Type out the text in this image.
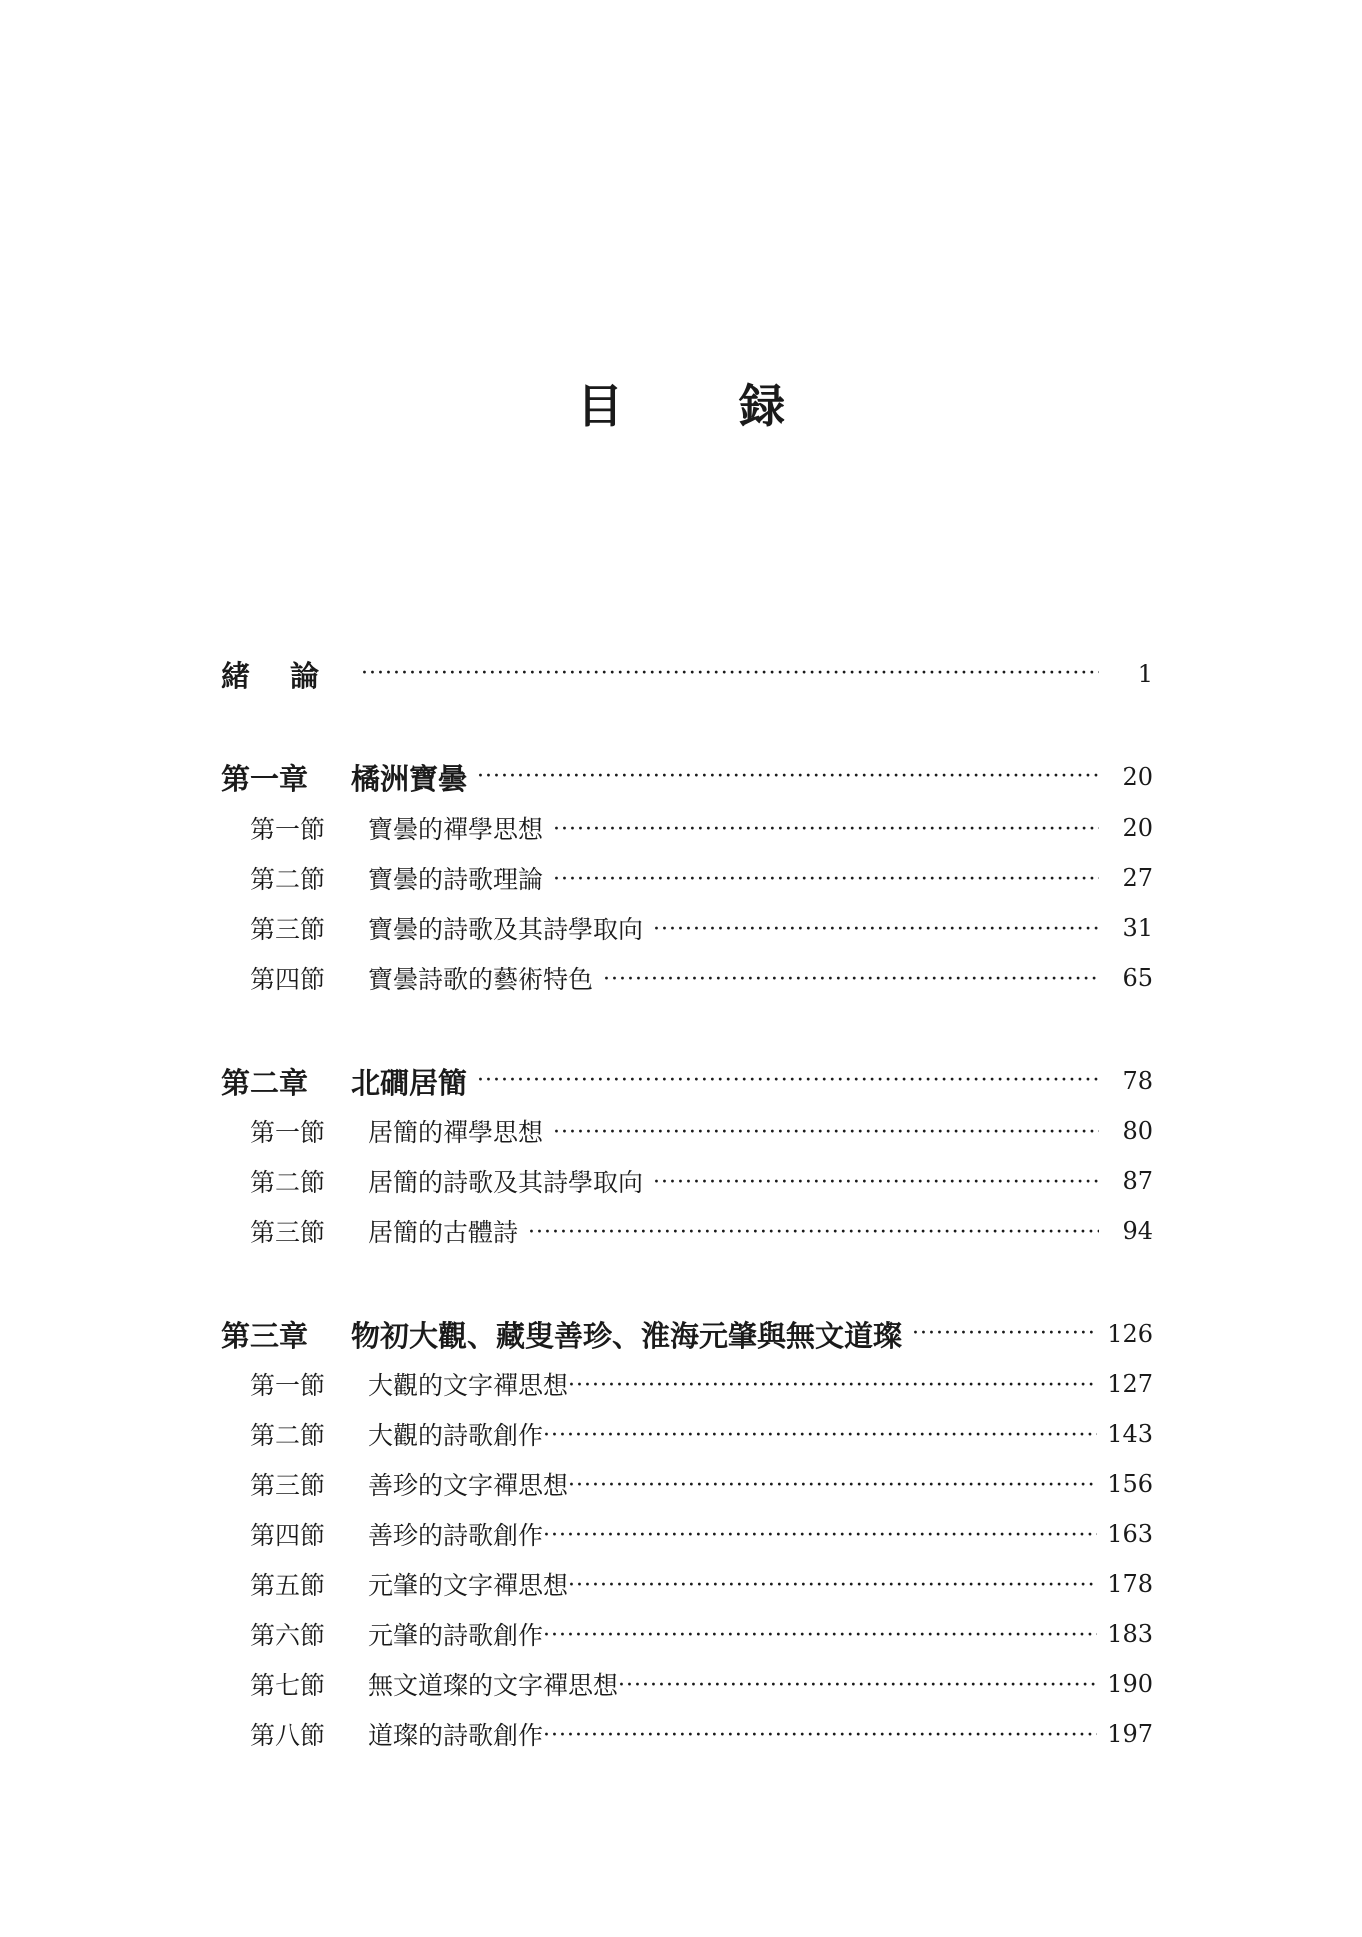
目 録
緒論 ·····	1
第一章	橘洲寶曇 ·····	20
第一節	寶曇的禪學思想 ·····	20
第二節	寶曇的詩歌理論 ·····	27
第三節	寶曇的詩歌及其詩學取向 ·····	31
第四節	寶曇詩歌的藝術特色 ·····	65
第二章	北磵居簡 ·····	78
第一節	居簡的禪學思想 ·····	80
第二節	居簡的詩歌及其詩學取向 ·····	87
第三節	居簡的古體詩 ·····	94
第三章	物初大觀、藏叟善珍、淮海元肇與無文道璨 ·····	126
第一節	大觀的文字禪思想 ·····	127
第二節	大觀的詩歌創作 ·····	143
第三節	善珍的文字禪思想 ·····	156
第四節	善珍的詩歌創作 ·····	163
第五節	元肇的文字禪思想 ·····	178
第六節	元肇的詩歌創作 ·····	183
第七節	無文道璨的文字禪思想 ·····	190
第八節	道璨的詩歌創作 ·····	197
